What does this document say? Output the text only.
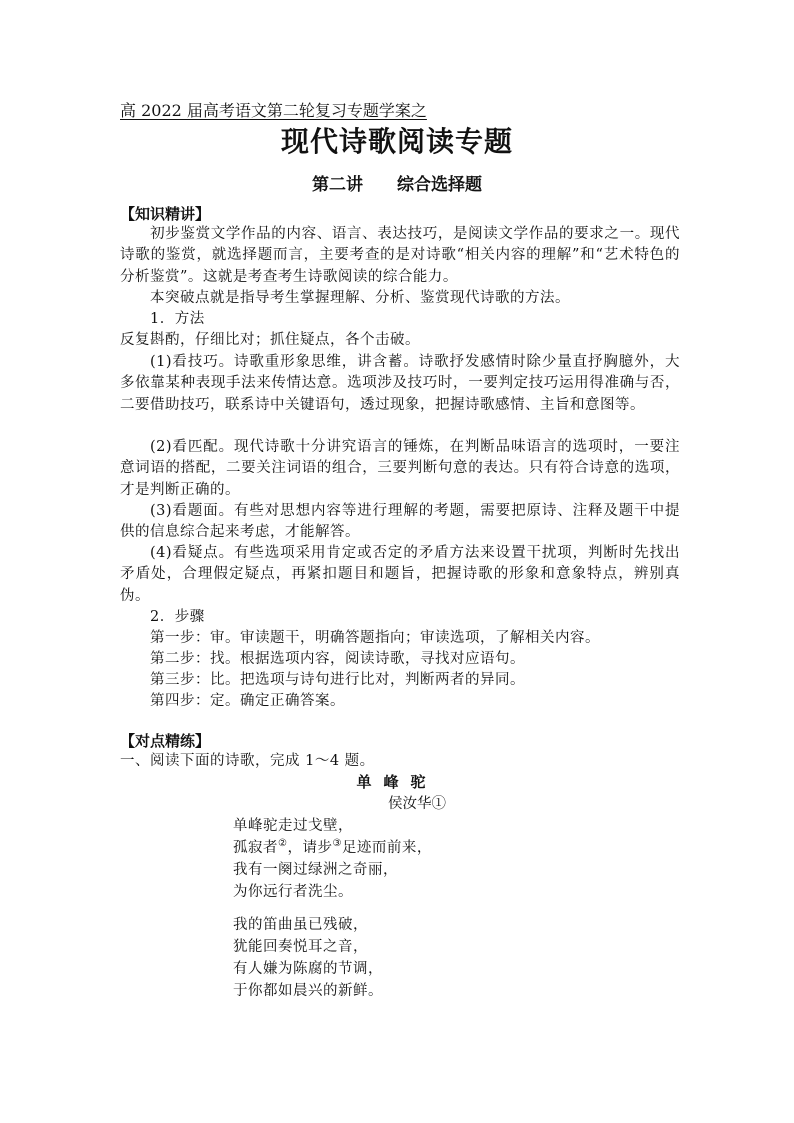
高 2022 届高考语文第二轮复习专题学案之
现代诗歌阅读专题
第二讲 综合选择题
【知识精讲】
初步鉴赏文学作品的内容、语言、表达技巧，是阅读文学作品的要求之一。现代诗歌的鉴赏，就选择题而言，主要考查的是对诗歌“相关内容的理解”和“艺术特色的分析鉴赏”。这就是考查考生诗歌阅读的综合能力。
本突破点就是指导考生掌握理解、分析、鉴赏现代诗歌的方法。
1．方法
反复斟酌，仔细比对；抓住疑点，各个击破。
(1)看技巧。诗歌重形象思维，讲含蓄。诗歌抒发感情时除少量直抒胸臆外，大多依靠某种表现手法来传情达意。选项涉及技巧时，一要判定技巧运用得准确与否，二要借助技巧，联系诗中关键语句，透过现象，把握诗歌感情、主旨和意图等。
(2)看匹配。现代诗歌十分讲究语言的锤炼，在判断品味语言的选项时，一要注意词语的搭配，二要关注词语的组合，三要判断句意的表达。只有符合诗意的选项，才是判断正确的。
(3)看题面。有些对思想内容等进行理解的考题，需要把原诗、注释及题干中提供的信息综合起来考虑，才能解答。
(4)看疑点。有些选项采用肯定或否定的矛盾方法来设置干扰项，判断时先找出矛盾处，合理假定疑点，再紧扣题目和题旨，把握诗歌的形象和意象特点，辨别真伪。
2．步骤
第一步：审。审读题干，明确答题指向；审读选项，了解相关内容。
第二步：找。根据选项内容，阅读诗歌，寻找对应语句。
第三步：比。把选项与诗句进行比对，判断两者的异同。
第四步：定。确定正确答案。
【对点精练】
一、阅读下面的诗歌，完成 1～4 题。
单峰驼
侯汝华①
单峰驼走过戈壁，
孤寂者②，请步③足迹而前来，
我有一阕过绿洲之奇丽，
为你远行者洗尘。
我的笛曲虽已残破，
犹能回奏悦耳之音，
有人嫌为陈腐的节调，
于你都如晨兴的新鲜。
